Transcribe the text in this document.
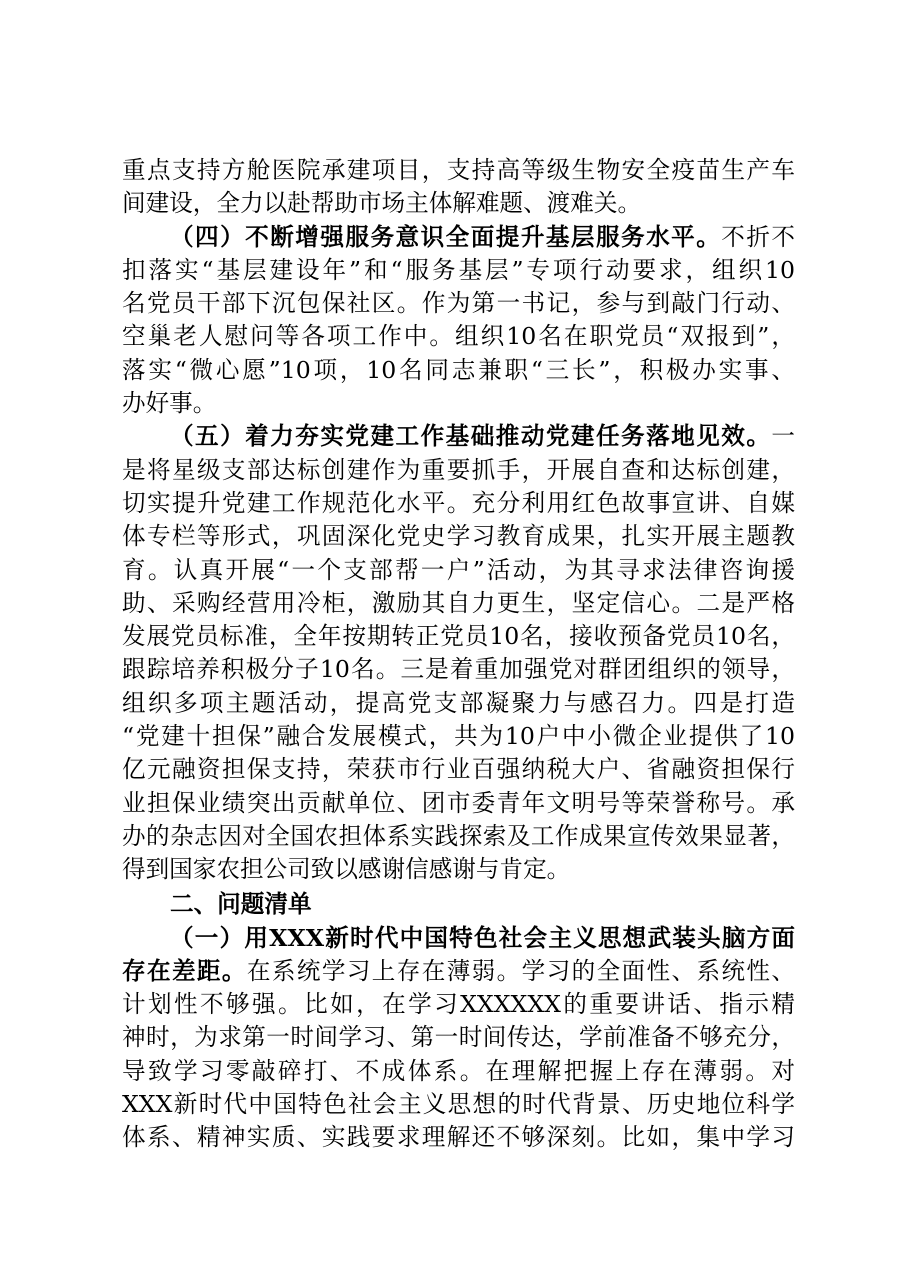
重点支持方舱医院承建项目，支持高等级生物安全疫苗生产车
间建设，全力以赴帮助市场主体解难题、渡难关。
（四）不断增强服务意识全面提升基层服务水平。不折不
扣落实“基层建设年”和“服务基层”专项行动要求，组织10
名党员干部下沉包保社区。作为第一书记，参与到敲门行动、
空巢老人慰问等各项工作中。组织10名在职党员“双报到”，
落实“微心愿”10项，10名同志兼职“三长”，积极办实事、
办好事。
（五）着力夯实党建工作基础推动党建任务落地见效。一
是将星级支部达标创建作为重要抓手，开展自查和达标创建，
切实提升党建工作规范化水平。充分利用红色故事宣讲、自媒
体专栏等形式，巩固深化党史学习教育成果，扎实开展主题教
育。认真开展“一个支部帮一户”活动，为其寻求法律咨询援
助、采购经营用冷柜，激励其自力更生，坚定信心。二是严格
发展党员标准，全年按期转正党员10名，接收预备党员10名，
跟踪培养积极分子10名。三是着重加强党对群团组织的领导，
组织多项主题活动，提高党支部凝聚力与感召力。四是打造
“党建十担保”融合发展模式，共为10户中小微企业提供了10
亿元融资担保支持，荣获市行业百强纳税大户、省融资担保行
业担保业绩突出贡献单位、团市委青年文明号等荣誉称号。承
办的杂志因对全国农担体系实践探索及工作成果宣传效果显著，
得到国家农担公司致以感谢信感谢与肯定。
二、问题清单
（一）用XXX新时代中国特色社会主义思想武装头脑方面
存在差距。在系统学习上存在薄弱。学习的全面性、系统性、
计划性不够强。比如，在学习XXXXXX的重要讲话、指示精
神时，为求第一时间学习、第一时间传达，学前准备不够充分，
导致学习零敲碎打、不成体系。在理解把握上存在薄弱。对
XXX新时代中国特色社会主义思想的时代背景、历史地位科学
体系、精神实质、实践要求理解还不够深刻。比如，集中学习
